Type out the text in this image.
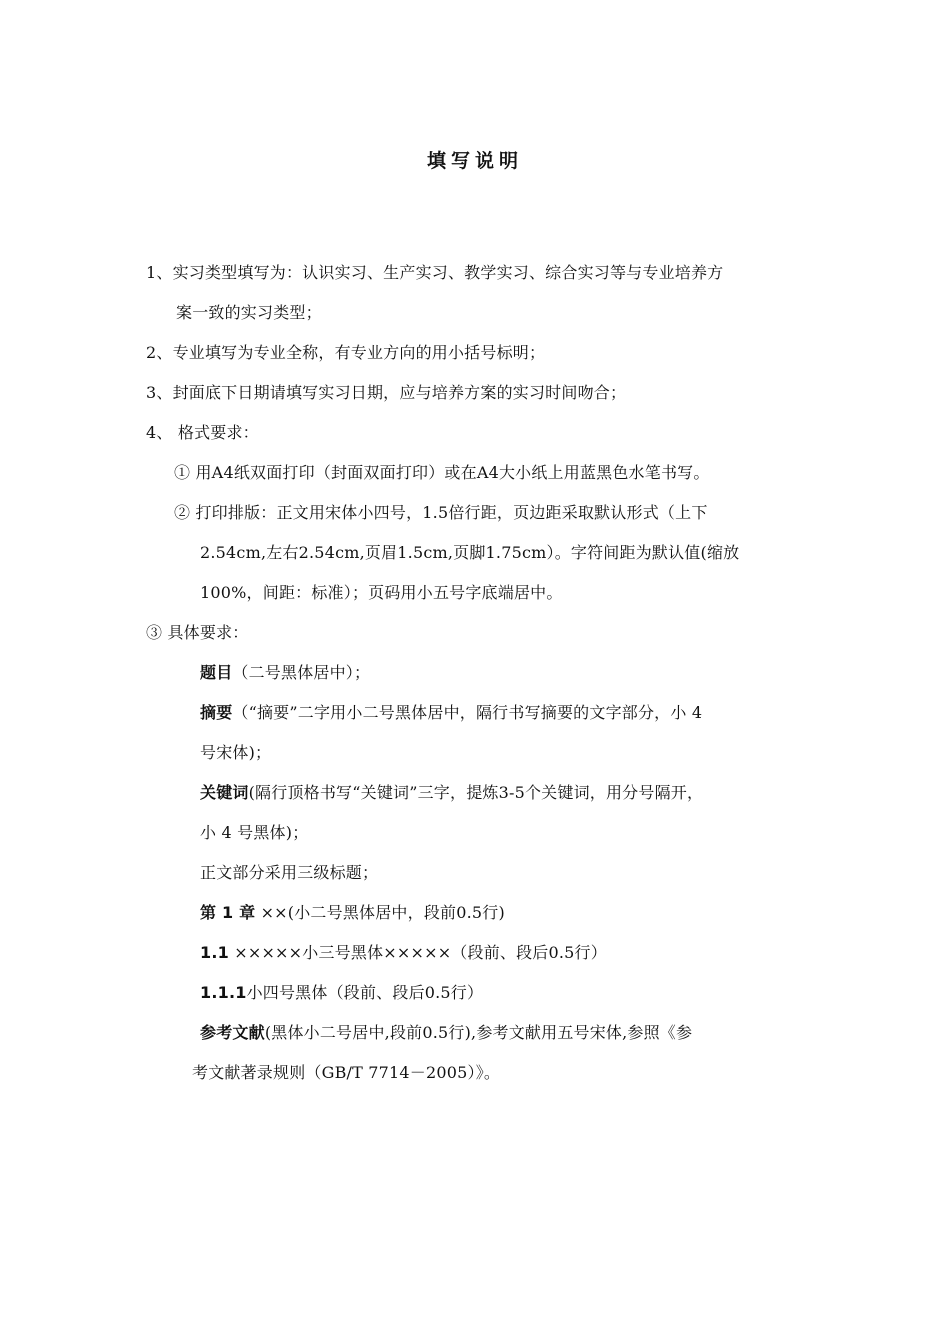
填写说明
1、实习类型填写为：认识实习、生产实习、教学实习、综合实习等与专业培养方
案一致的实习类型；
2、专业填写为专业全称，有专业方向的用小括号标明；
3、封面底下日期请填写实习日期，应与培养方案的实习时间吻合；
4、 格式要求：
① 用A4纸双面打印（封面双面打印）或在A4大小纸上用蓝黑色水笔书写。
② 打印排版：正文用宋体小四号，1.5倍行距，页边距采取默认形式（上下
2.54cm,左右2.54cm,页眉1.5cm,页脚1.75cm）。字符间距为默认值(缩放
100%，间距：标准）；页码用小五号字底端居中。
③ 具体要求：
题目（二号黑体居中）；
摘要（“摘要”二字用小二号黑体居中，隔行书写摘要的文字部分，小 4
号宋体)；
关键词(隔行顶格书写“关键词”三字，提炼3-5个关键词，用分号隔开，
小 4 号黑体)；
正文部分采用三级标题；
第 1 章 ××(小二号黑体居中，段前0.5行)
1.1 ×××××小三号黑体×××××（段前、段后0.5行）
1.1.1小四号黑体（段前、段后0.5行）
参考文献(黑体小二号居中,段前0.5行),参考文献用五号宋体,参照《参
考文献著录规则（GB/T 7714－2005）》。
